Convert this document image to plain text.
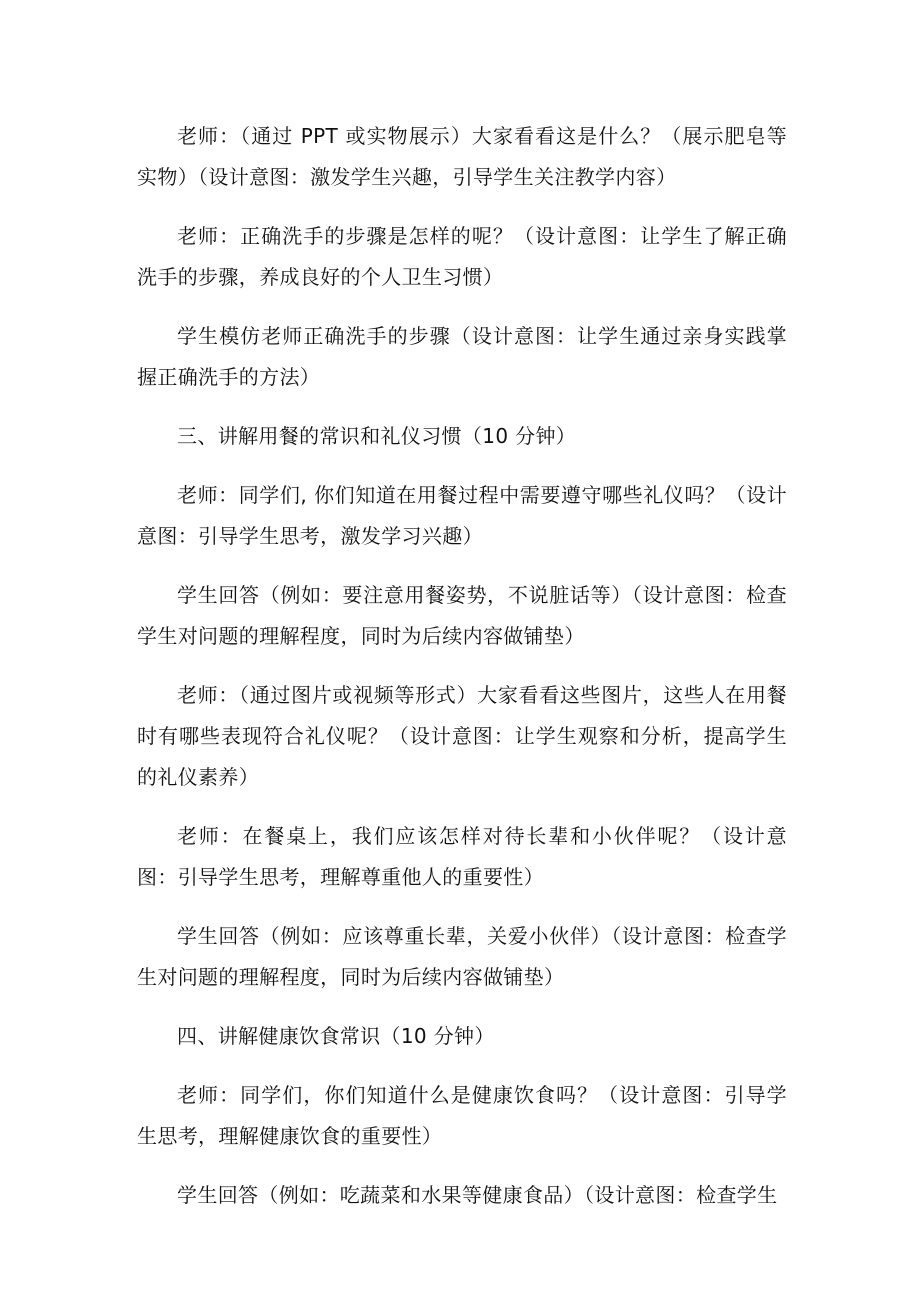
老师：（通过 PPT 或实物展示）大家看看这是什么？（展示肥皂等实物）（设计意图：激发学生兴趣，引导学生关注教学内容）

老师：正确洗手的步骤是怎样的呢？（设计意图：让学生了解正确洗手的步骤，养成良好的个人卫生习惯）

学生模仿老师正确洗手的步骤（设计意图：让学生通过亲身实践掌握正确洗手的方法）

三、讲解用餐的常识和礼仪习惯（10 分钟）

老师：同学们, 你们知道在用餐过程中需要遵守哪些礼仪吗？（设计意图：引导学生思考，激发学习兴趣）

学生回答（例如：要注意用餐姿势，不说脏话等）（设计意图：检查学生对问题的理解程度，同时为后续内容做铺垫）

老师：（通过图片或视频等形式）大家看看这些图片，这些人在用餐时有哪些表现符合礼仪呢？（设计意图：让学生观察和分析，提高学生的礼仪素养）

老师：在餐桌上，我们应该怎样对待长辈和小伙伴呢？（设计意图：引导学生思考，理解尊重他人的重要性）

学生回答（例如：应该尊重长辈，关爱小伙伴）（设计意图：检查学生对问题的理解程度，同时为后续内容做铺垫）

四、讲解健康饮食常识（10 分钟）

老师：同学们，你们知道什么是健康饮食吗？（设计意图：引导学生思考，理解健康饮食的重要性）

学生回答（例如：吃蔬菜和水果等健康食品）（设计意图：检查学生
